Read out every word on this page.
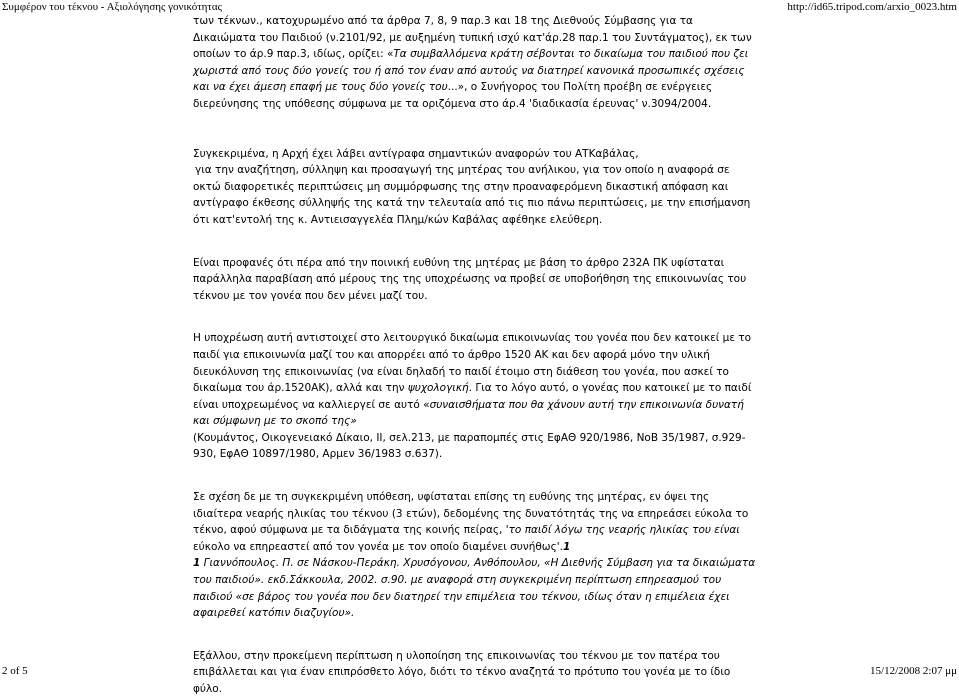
Συμφέρον του τέκνου - Αξιολόγησης γονικότητας	http://id65.tripod.com/arxio_0023.htm

των τέκνων., κατοχυρωμένο από τα άρθρα 7, 8, 9 παρ.3 και 18 της Διεθνούς Σύμβασης για τα Δικαιώματα του Παιδιού (ν.2101/92, με αυξημένη τυπική ισχύ κατ'άρ.28 παρ.1 του Συντάγματος), εκ των οποίων το άρ.9 παρ.3, ιδίως, ορίζει: «Τα συμβαλλόμενα κράτη σέβονται το δικαίωμα του παιδιού που ζει χωριστά από τους δύο γονείς του ή από τον έναν από αυτούς να διατηρεί κανονικά προσωπικές σχέσεις και να έχει άμεση επαφή με τους δύο γονείς του...», ο Συνήγορος του Πολίτη προέβη σε ενέργειες διερεύνησης της υπόθεσης σύμφωνα με τα οριζόμενα στο άρ.4 'διαδικασία έρευνας' ν.3094/2004.

Συγκεκριμένα, η Αρχή έχει λάβει αντίγραφα σημαντικών αναφορών του ΑΤΚαβάλας,
για την αναζήτηση, σύλληψη και προσαγωγή της μητέρας του ανήλικου, για τον οποίο η αναφορά σε οκτώ διαφορετικές περιπτώσεις μη συμμόρφωσης της στην προαναφερόμενη δικαστική απόφαση και αντίγραφο έκθεσης σύλληψής της κατά την τελευταία από τις πιο πάνω περιπτώσεις, με την επισήμανση ότι κατ'εντολή της κ. Αντιεισαγγελέα Πλημ/κών Καβάλας αφέθηκε ελεύθερη.

Είναι προφανές ότι πέρα από την ποινική ευθύνη της μητέρας με βάση το άρθρο 232Α ΠΚ υφίσταται παράλληλα παραβίαση από μέρους της της υποχρέωσης να προβεί σε υποβοήθηση της επικοινωνίας του τέκνου με τον γονέα που δεν μένει μαζί του.

Η υποχρέωση αυτή αντιστοιχεί στο λειτουργικό δικαίωμα επικοινωνίας του γονέα που δεν κατοικεί με το παιδί για επικοινωνία μαζί του και απορρέει από το άρθρο 1520 ΑΚ και δεν αφορά μόνο την υλική διευκόλυνση της επικοινωνίας (να είναι δηλαδή το παιδί έτοιμο στη διάθεση του γονέα, που ασκεί το δικαίωμα του άρ.1520ΑΚ), αλλά και την ψυχολογική. Για το λόγο αυτό, ο γονέας που κατοικεί με το παιδί είναι υποχρεωμένος να καλλιεργεί σε αυτό «συναισθήματα που θα χάνουν αυτή την επικοινωνία δυνατή και σύμφωνη με το σκοπό της»
(Κουμάντος, Οικογενειακό Δίκαιο, ΙΙ, σελ.213, με παραπομπές στις ΕφΑΘ 920/1986, ΝοΒ 35/1987, σ.929-930, ΕφΑΘ 10897/1980, Αρμεν 36/1983 σ.637).

Σε σχέση δε με τη συγκεκριμένη υπόθεση, υφίσταται επίσης τη ευθύνης της μητέρας, εν όψει της ιδιαίτερα νεαρής ηλικίας του τέκνου (3 ετών), δεδομένης της δυνατότητάς της να επηρεάσει εύκολα το τέκνο, αφού σύμφωνα με τα διδάγματα της κοινής πείρας, 'το παιδί λόγω της νεαρής ηλικίας του είναι εύκολο να επηρεαστεί από τον γονέα με τον οποίο διαμένει συνήθως'.1
1 Γιαννόπουλος. Π. σε Νάσκου-Περάκη. Χρυσόγονου, Ανθόπουλου, «Η Διεθνής Σύμβαση για τα δικαιώματα του παιδιού». εκδ.Σάκκουλα, 2002. σ.90. με αναφορά στη συγκεκριμένη περίπτωση επηρεασμού του παιδιού «σε βάρος του γονέα που δεν διατηρεί την επιμέλεια του τέκνου, ιδίως όταν η επιμέλεια έχει αφαιρεθεί κατόπιν διαζυγίου».

Εξάλλου, στην προκείμενη περίπτωση η υλοποίηση της επικοινωνίας του τέκνου με τον πατέρα του επιβάλλεται και για έναν επιπρόσθετο λόγο, διότι το τέκνο αναζητά το πρότυπο του γονέα με το ίδιο φύλο.

2 of 5	15/12/2008 2:07 μμ
